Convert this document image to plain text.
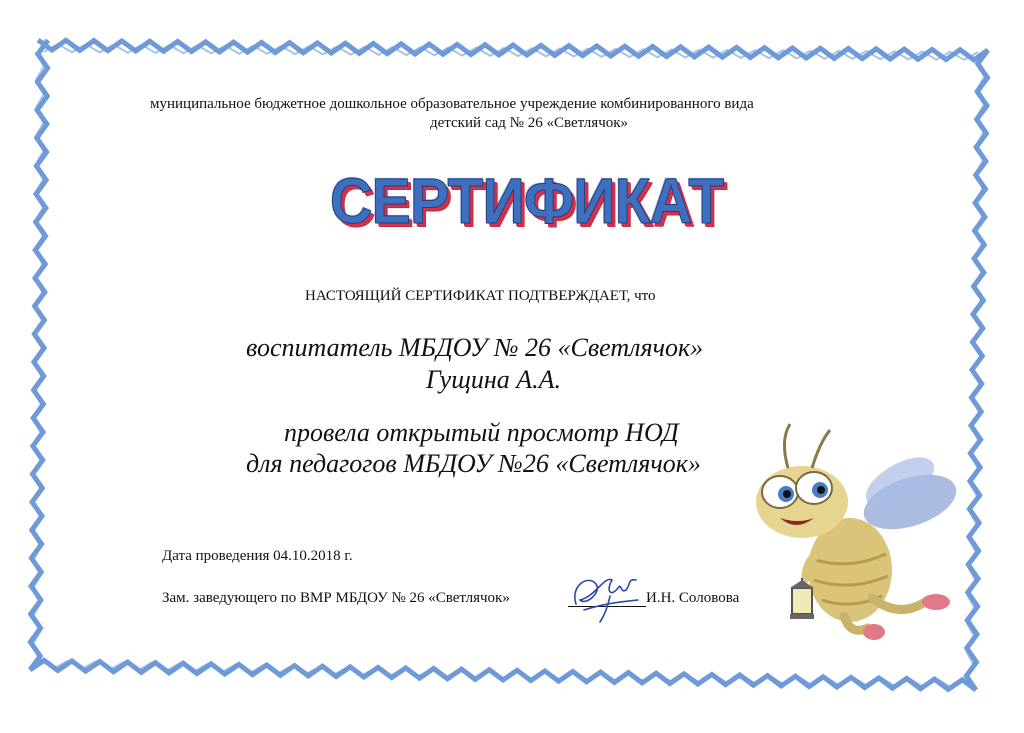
муниципальное бюджетное дошкольное образовательное учреждение комбинированного вида
детский сад № 26 «Светлячок»
СЕРТИФИКАТ
НАСТОЯЩИЙ СЕРТИФИКАТ ПОДТВЕРЖДАЕТ, что
воспитатель МБДОУ № 26 «Светлячок»
Гущина А.А.
провела открытый просмотр НОД
для педагогов МБДОУ №26 «Светлячок»
Дата проведения 04.10.2018 г.
Зам. заведующего по ВМР МБДОУ № 26 «Светлячок»	И.Н. Соловова
